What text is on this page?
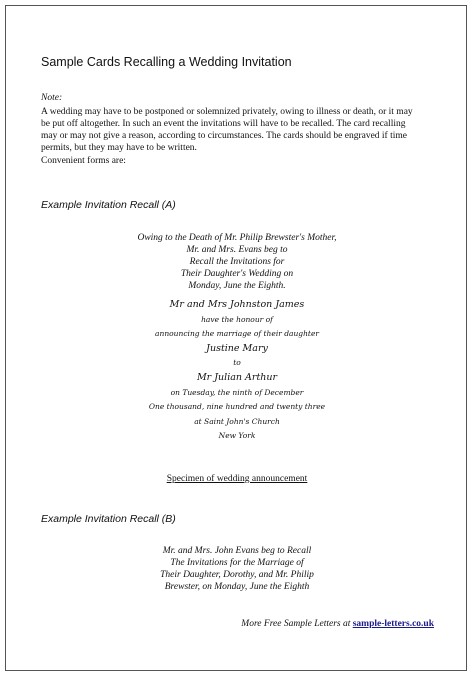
Sample Cards Recalling a Wedding Invitation
Note:

A wedding may have to be postponed or solemnized privately, owing to illness or death, or it may

be put off altogether. In such an event the invitations will have to be recalled. The card recalling

may or may not give a reason, according to circumstances. The cards should be engraved if time

permits, but they may have to be written.

Convenient forms are:
Example Invitation Recall (A)
Owing to the Death of Mr. Philip Brewster's Mother,
Mr. and Mrs. Evans beg to
Recall the Invitations for
Their Daughter's Wedding on
Monday, June the Eighth.
Mr and Mrs Johnston James
have the honour of
announcing the marriage of their daughter
Justine Mary
to
Mr Julian Arthur
on Tuesday, the ninth of December
One thousand, nine hundred and twenty three
at Saint John's Church
New York
Specimen of wedding announcement
Example Invitation Recall (B)
Mr. and Mrs. John Evans beg to Recall
The Invitations for the Marriage of
Their Daughter, Dorothy, and Mr. Philip
Brewster, on Monday, June the Eighth
More Free Sample Letters at sample-letters.co.uk
